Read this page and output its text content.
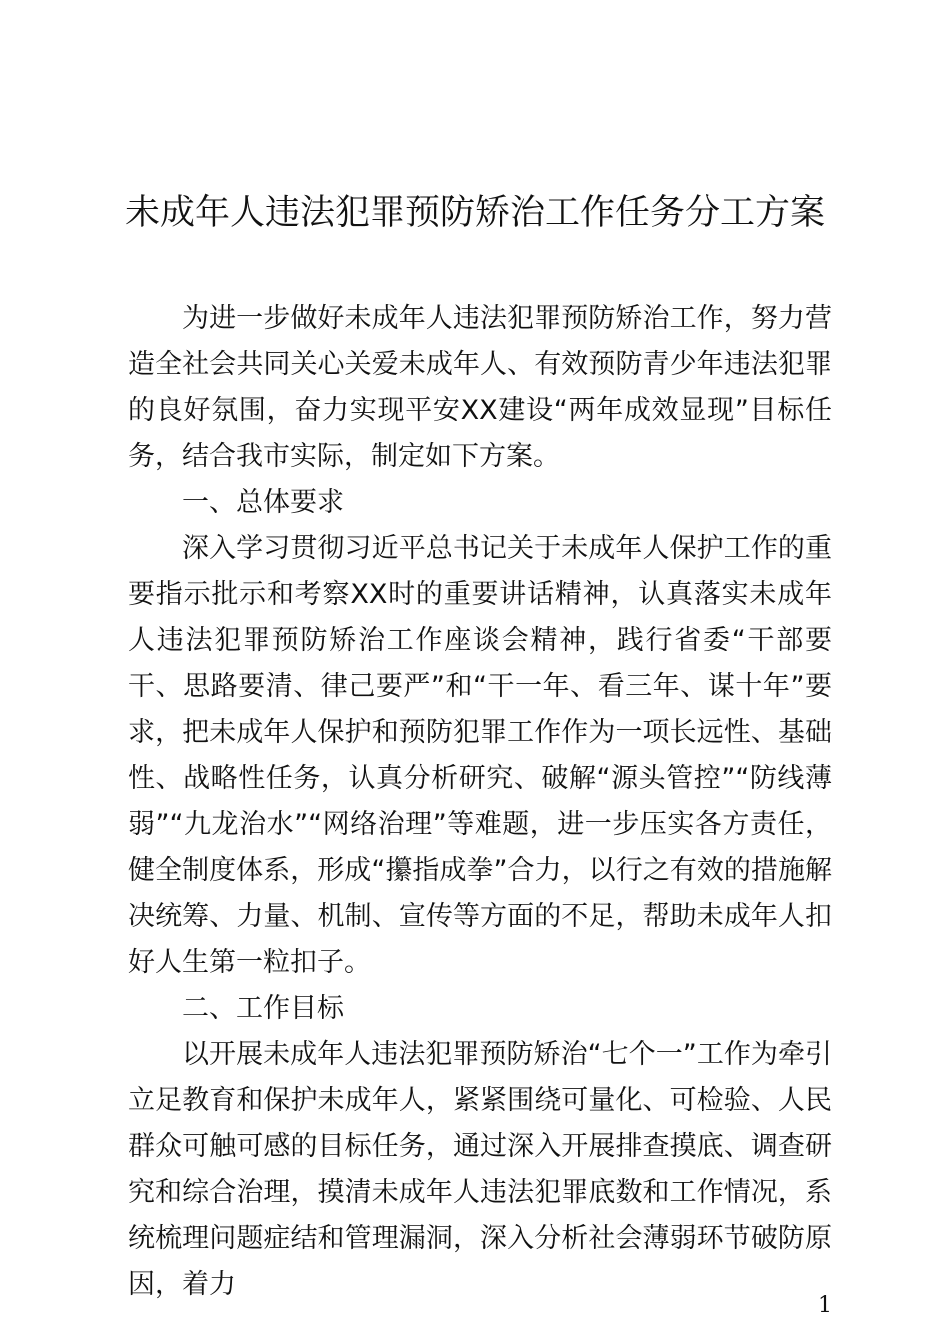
未成年人违法犯罪预防矫治工作任务分工方案

为进一步做好未成年人违法犯罪预防矫治工作，努力营造全社会共同关心关爱未成年人、有效预防青少年违法犯罪的良好氛围，奋力实现平安XX建设“两年成效显现”目标任务，结合我市实际，制定如下方案。

一、总体要求

深入学习贯彻习近平总书记关于未成年人保护工作的重要指示批示和考察XX时的重要讲话精神，认真落实未成年人违法犯罪预防矫治工作座谈会精神，践行省委“干部要干、思路要清、律己要严”和“干一年、看三年、谋十年”要求，把未成年人保护和预防犯罪工作作为一项长远性、基础性、战略性任务，认真分析研究、破解“源头管控”“防线薄弱”“九龙治水”“网络治理”等难题，进一步压实各方责任，健全制度体系，形成“攥指成拳”合力，以行之有效的措施解决统筹、力量、机制、宣传等方面的不足，帮助未成年人扣好人生第一粒扣子。

二、工作目标

以开展未成年人违法犯罪预防矫治“七个一”工作为牵引立足教育和保护未成年人，紧紧围绕可量化、可检验、人民群众可触可感的目标任务，通过深入开展排查摸底、调查研究和综合治理，摸清未成年人违法犯罪底数和工作情况，系统梳理问题症结和管理漏洞，深入分析社会薄弱环节破防原因，着力

1
